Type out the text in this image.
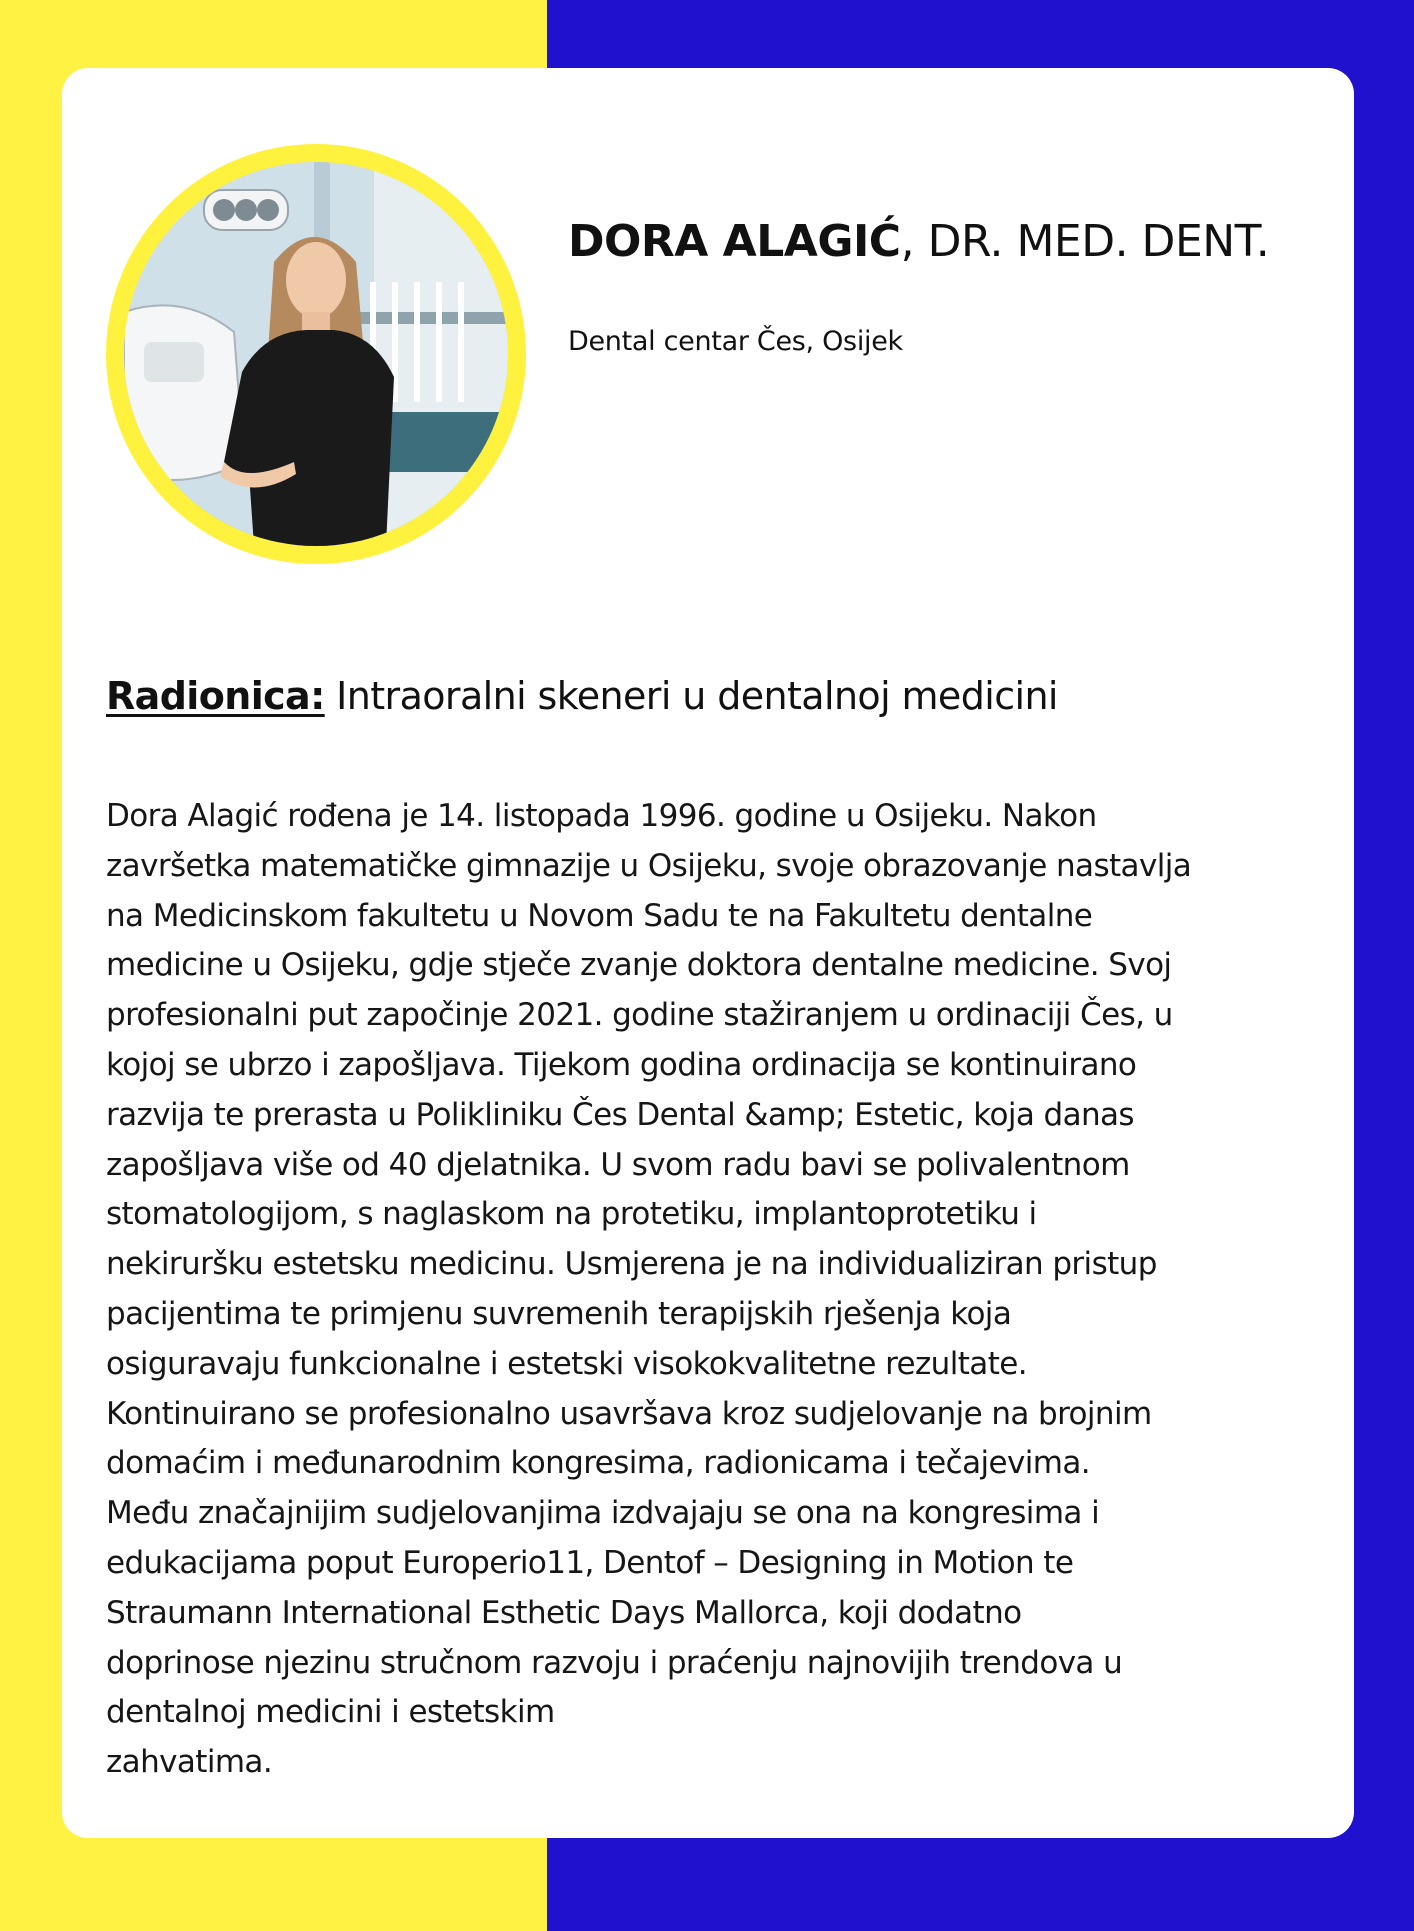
DORA ALAGIĆ, DR. MED. DENT.
Dental centar Čes, Osijek
Radionica: Intraoralni skeneri u dentalnoj medicini

Dora Alagić rođena je 14. listopada 1996. godine u Osijeku. Nakon
završetka matematičke gimnazije u Osijeku, svoje obrazovanje nastavlja
na Medicinskom fakultetu u Novom Sadu te na Fakultetu dentalne
medicine u Osijeku, gdje stječe zvanje doktora dentalne medicine. Svoj
profesionalni put započinje 2021. godine stažiranjem u ordinaciji Čes, u
kojoj se ubrzo i zapošljava. Tijekom godina ordinacija se kontinuirano
razvija te prerasta u Polikliniku Čes Dental &amp; Estetic, koja danas
zapošljava više od 40 djelatnika. U svom radu bavi se polivalentnom
stomatologijom, s naglaskom na protetiku, implantoprotetiku i
nekiruršku estetsku medicinu. Usmjerena je na individualiziran pristup
pacijentima te primjenu suvremenih terapijskih rješenja koja
osiguravaju funkcionalne i estetski visokokvalitetne rezultate.
Kontinuirano se profesionalno usavršava kroz sudjelovanje na brojnim
domaćim i međunarodnim kongresima, radionicama i tečajevima.
Među značajnijim sudjelovanjima izdvajaju se ona na kongresima i
edukacijama poput Europerio11, Dentof – Designing in Motion te
Straumann International Esthetic Days Mallorca, koji dodatno
doprinose njezinu stručnom razvoju i praćenju najnovijih trendova u
dentalnoj medicini i estetskim
zahvatima.
